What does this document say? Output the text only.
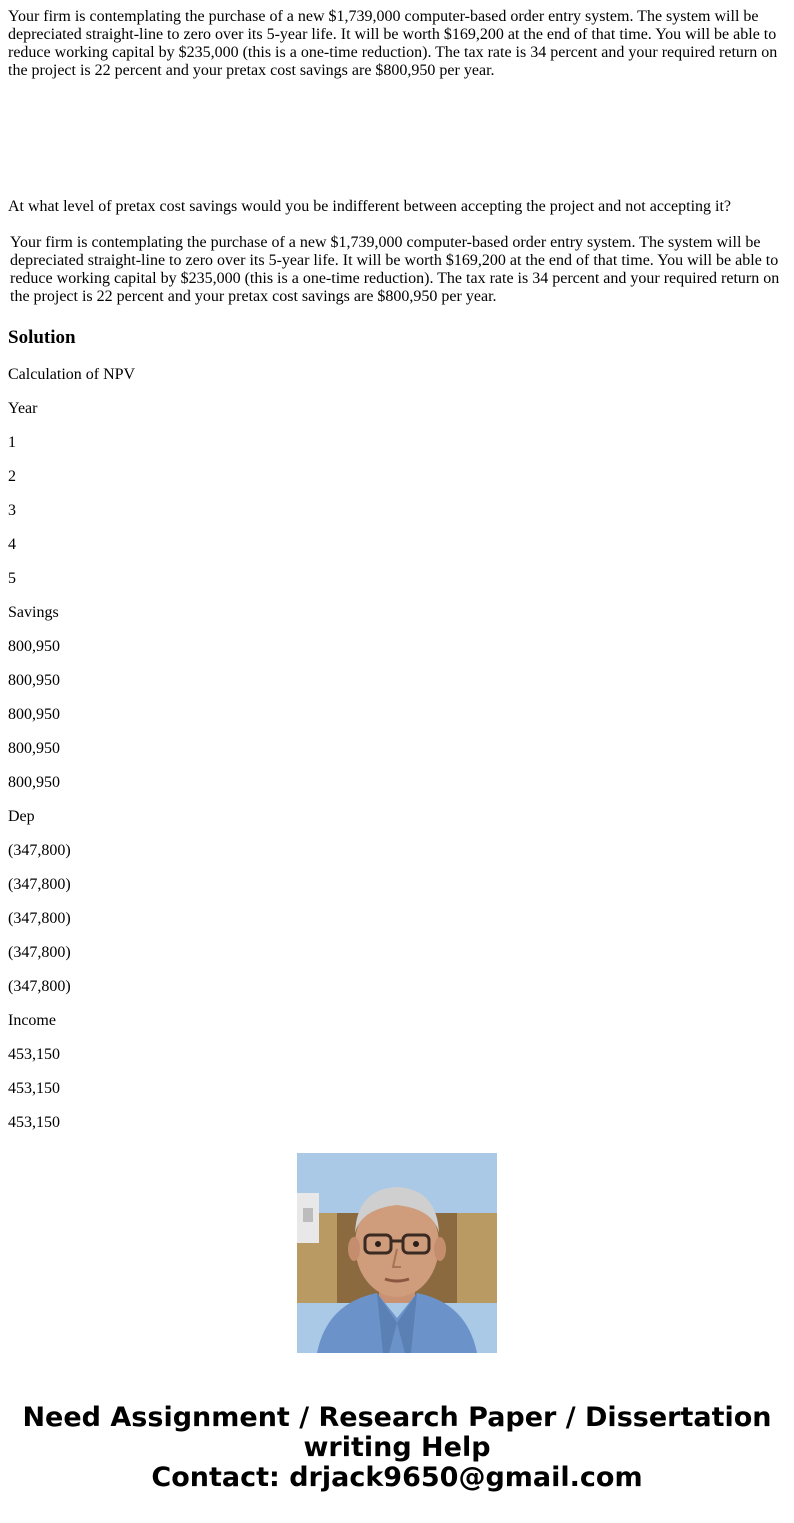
Your firm is contemplating the purchase of a new $1,739,000 computer-based order entry system. The system will be depreciated straight-line to zero over its 5-year life. It will be worth $169,200 at the end of that time. You will be able to reduce working capital by $235,000 (this is a one-time reduction). The tax rate is 34 percent and your required return on the project is 22 percent and your pretax cost savings are $800,950 per year.

At what level of pretax cost savings would you be indifferent between accepting the project and not accepting it?

Your firm is contemplating the purchase of a new $1,739,000 computer-based order entry system. The system will be depreciated straight-line to zero over its 5-year life. It will be worth $169,200 at the end of that time. You will be able to reduce working capital by $235,000 (this is a one-time reduction). The tax rate is 34 percent and your required return on the project is 22 percent and your pretax cost savings are $800,950 per year.

Solution

Calculation of NPV

Year

1

2

3

4

5

Savings

800,950

800,950

800,950

800,950

800,950

Dep

(347,800)

(347,800)

(347,800)

(347,800)

(347,800)

Income

453,150

453,150

453,150

Need Assignment / Research Paper / Dissertation
writing Help
Contact: drjack9650@gmail.com
